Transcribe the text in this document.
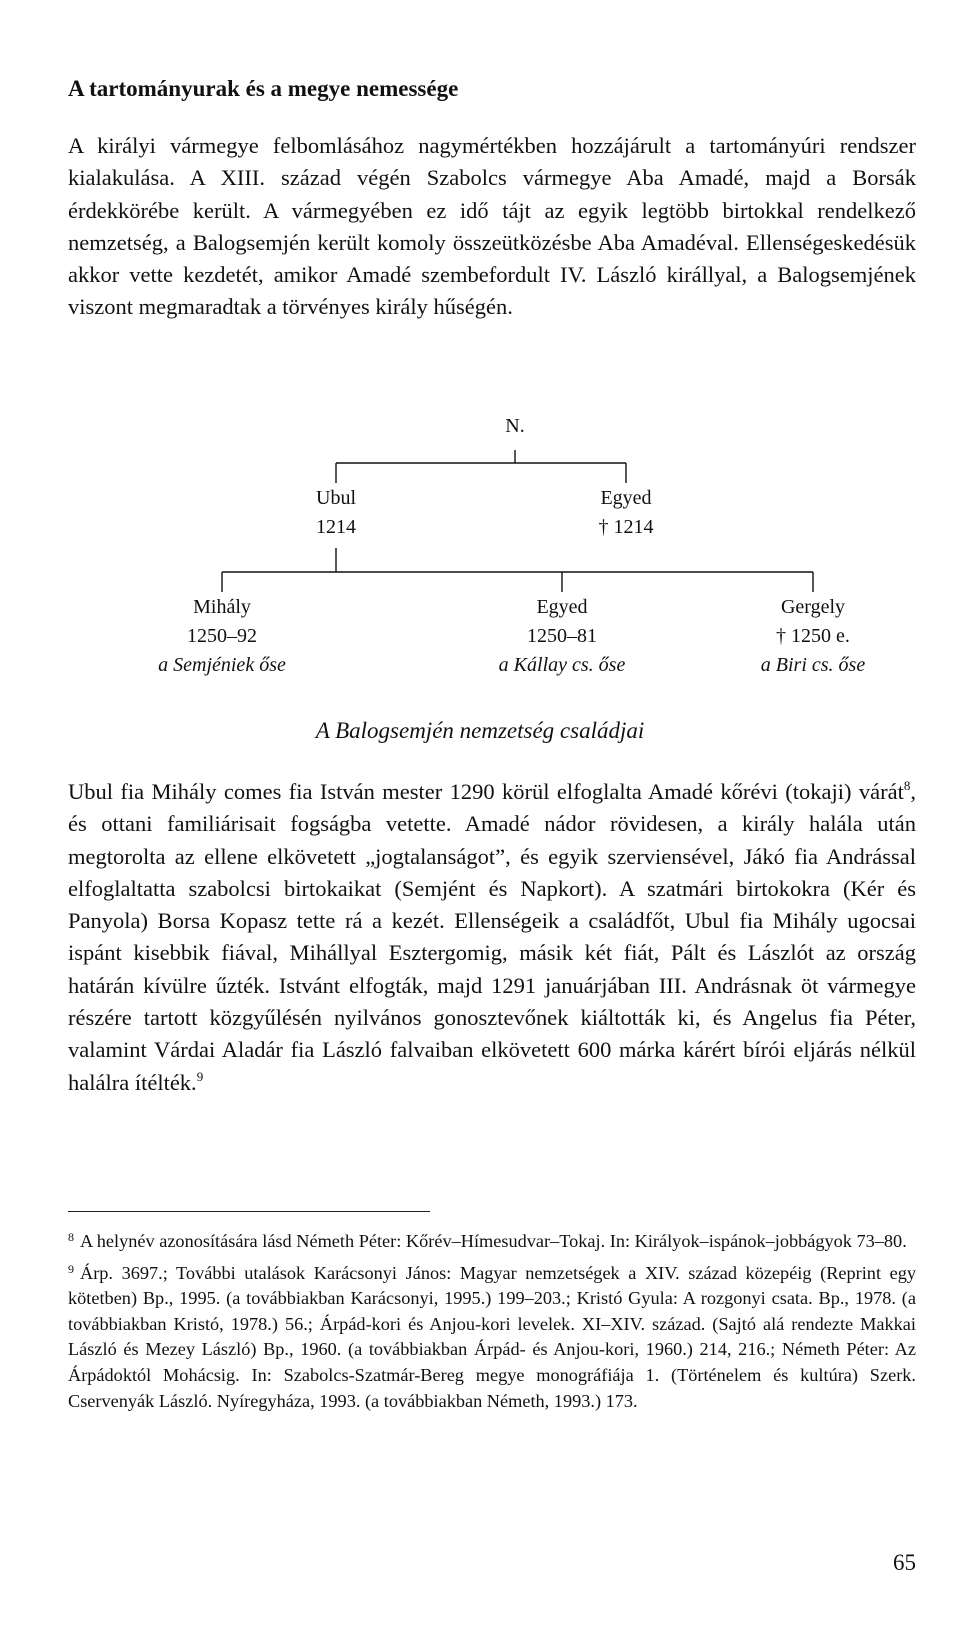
A tartományurak és a megye nemessége

A királyi vármegye felbomlásához nagymértékben hozzájárult a tartományúri rendszer kialakulása. A XIII. század végén Szabolcs vármegye Aba Amadé, majd a Borsák érdekkörébe került. A vármegyében ez idő tájt az egyik legtöbb birtokkal rendelkező nemzetség, a Balogsemjén került komoly összeütközésbe Aba Amadéval. Ellenségeskedésük akkor vette kezdetét, amikor Amadé szembefordult IV. László királlyal, a Balogsemjének viszont megmaradtak a törvényes király hűségén.

N.
Ubul
1214
Egyed
† 1214
Mihály
1250–92
a Semjéniek őse
Egyed
1250–81
a Kállay cs. őse
Gergely
† 1250 e.
a Biri cs. őse
A Balogsemjén nemzetség családjai

Ubul fia Mihály comes fia István mester 1290 körül elfoglalta Amadé kőrévi (tokaji) várát$^8$, és ottani familiárisait fogságba vetette. Amadé nádor rövidesen, a király halála után megtorolta az ellene elkövetett „jogtalanságot”, és egyik szerviensével, Jákó fia Andrással elfoglaltatta szabolcsi birtokaikat (Semjént és Napkort). A szatmári birtokokra (Kér és Panyola) Borsa Kopasz tette rá a kezét. Ellenségeik a családfőt, Ubul fia Mihály ugocsai ispánt kisebbik fiával, Mihállyal Esztergomig, másik két fiát, Pált és Lászlót az ország határán kívülre űzték. Istvánt elfogták, majd 1291 januárjában III. Andrásnak öt vármegye részére tartott közgyűlésén nyilvános gonosztevőnek kiáltották ki, és Angelus fia Péter, valamint Várdai Aladár fia László falvaiban elkövetett 600 márka kárért bírói eljárás nélkül halálra ítélték.$^9$

$^8$ A helynév azonosítására lásd Németh Péter: Kőrév–Hímesudvar–Tokaj. In: Királyok–ispánok–jobbágyok 73–80.

$^9$ Árp. 3697.; További utalások Karácsonyi János: Magyar nemzetségek a XIV. század közepéig (Reprint egy kötetben) Bp., 1995. (a továbbiakban Karácsonyi, 1995.) 199–203.; Kristó Gyula: A rozgonyi csata. Bp., 1978. (a továbbiakban Kristó, 1978.) 56.; Árpád-kori és Anjou-kori levelek. XI–XIV. század. (Sajtó alá rendezte Makkai László és Mezey László) Bp., 1960. (a továbbiakban Árpád- és Anjou-kori, 1960.) 214, 216.; Németh Péter: Az Árpádoktól Mohácsig. In: Szabolcs-Szatmár-Bereg megye monográfiája 1. (Történelem és kultúra) Szerk. Cservenyák László. Nyíregyháza, 1993. (a továbbiakban Németh, 1993.) 173.

65
